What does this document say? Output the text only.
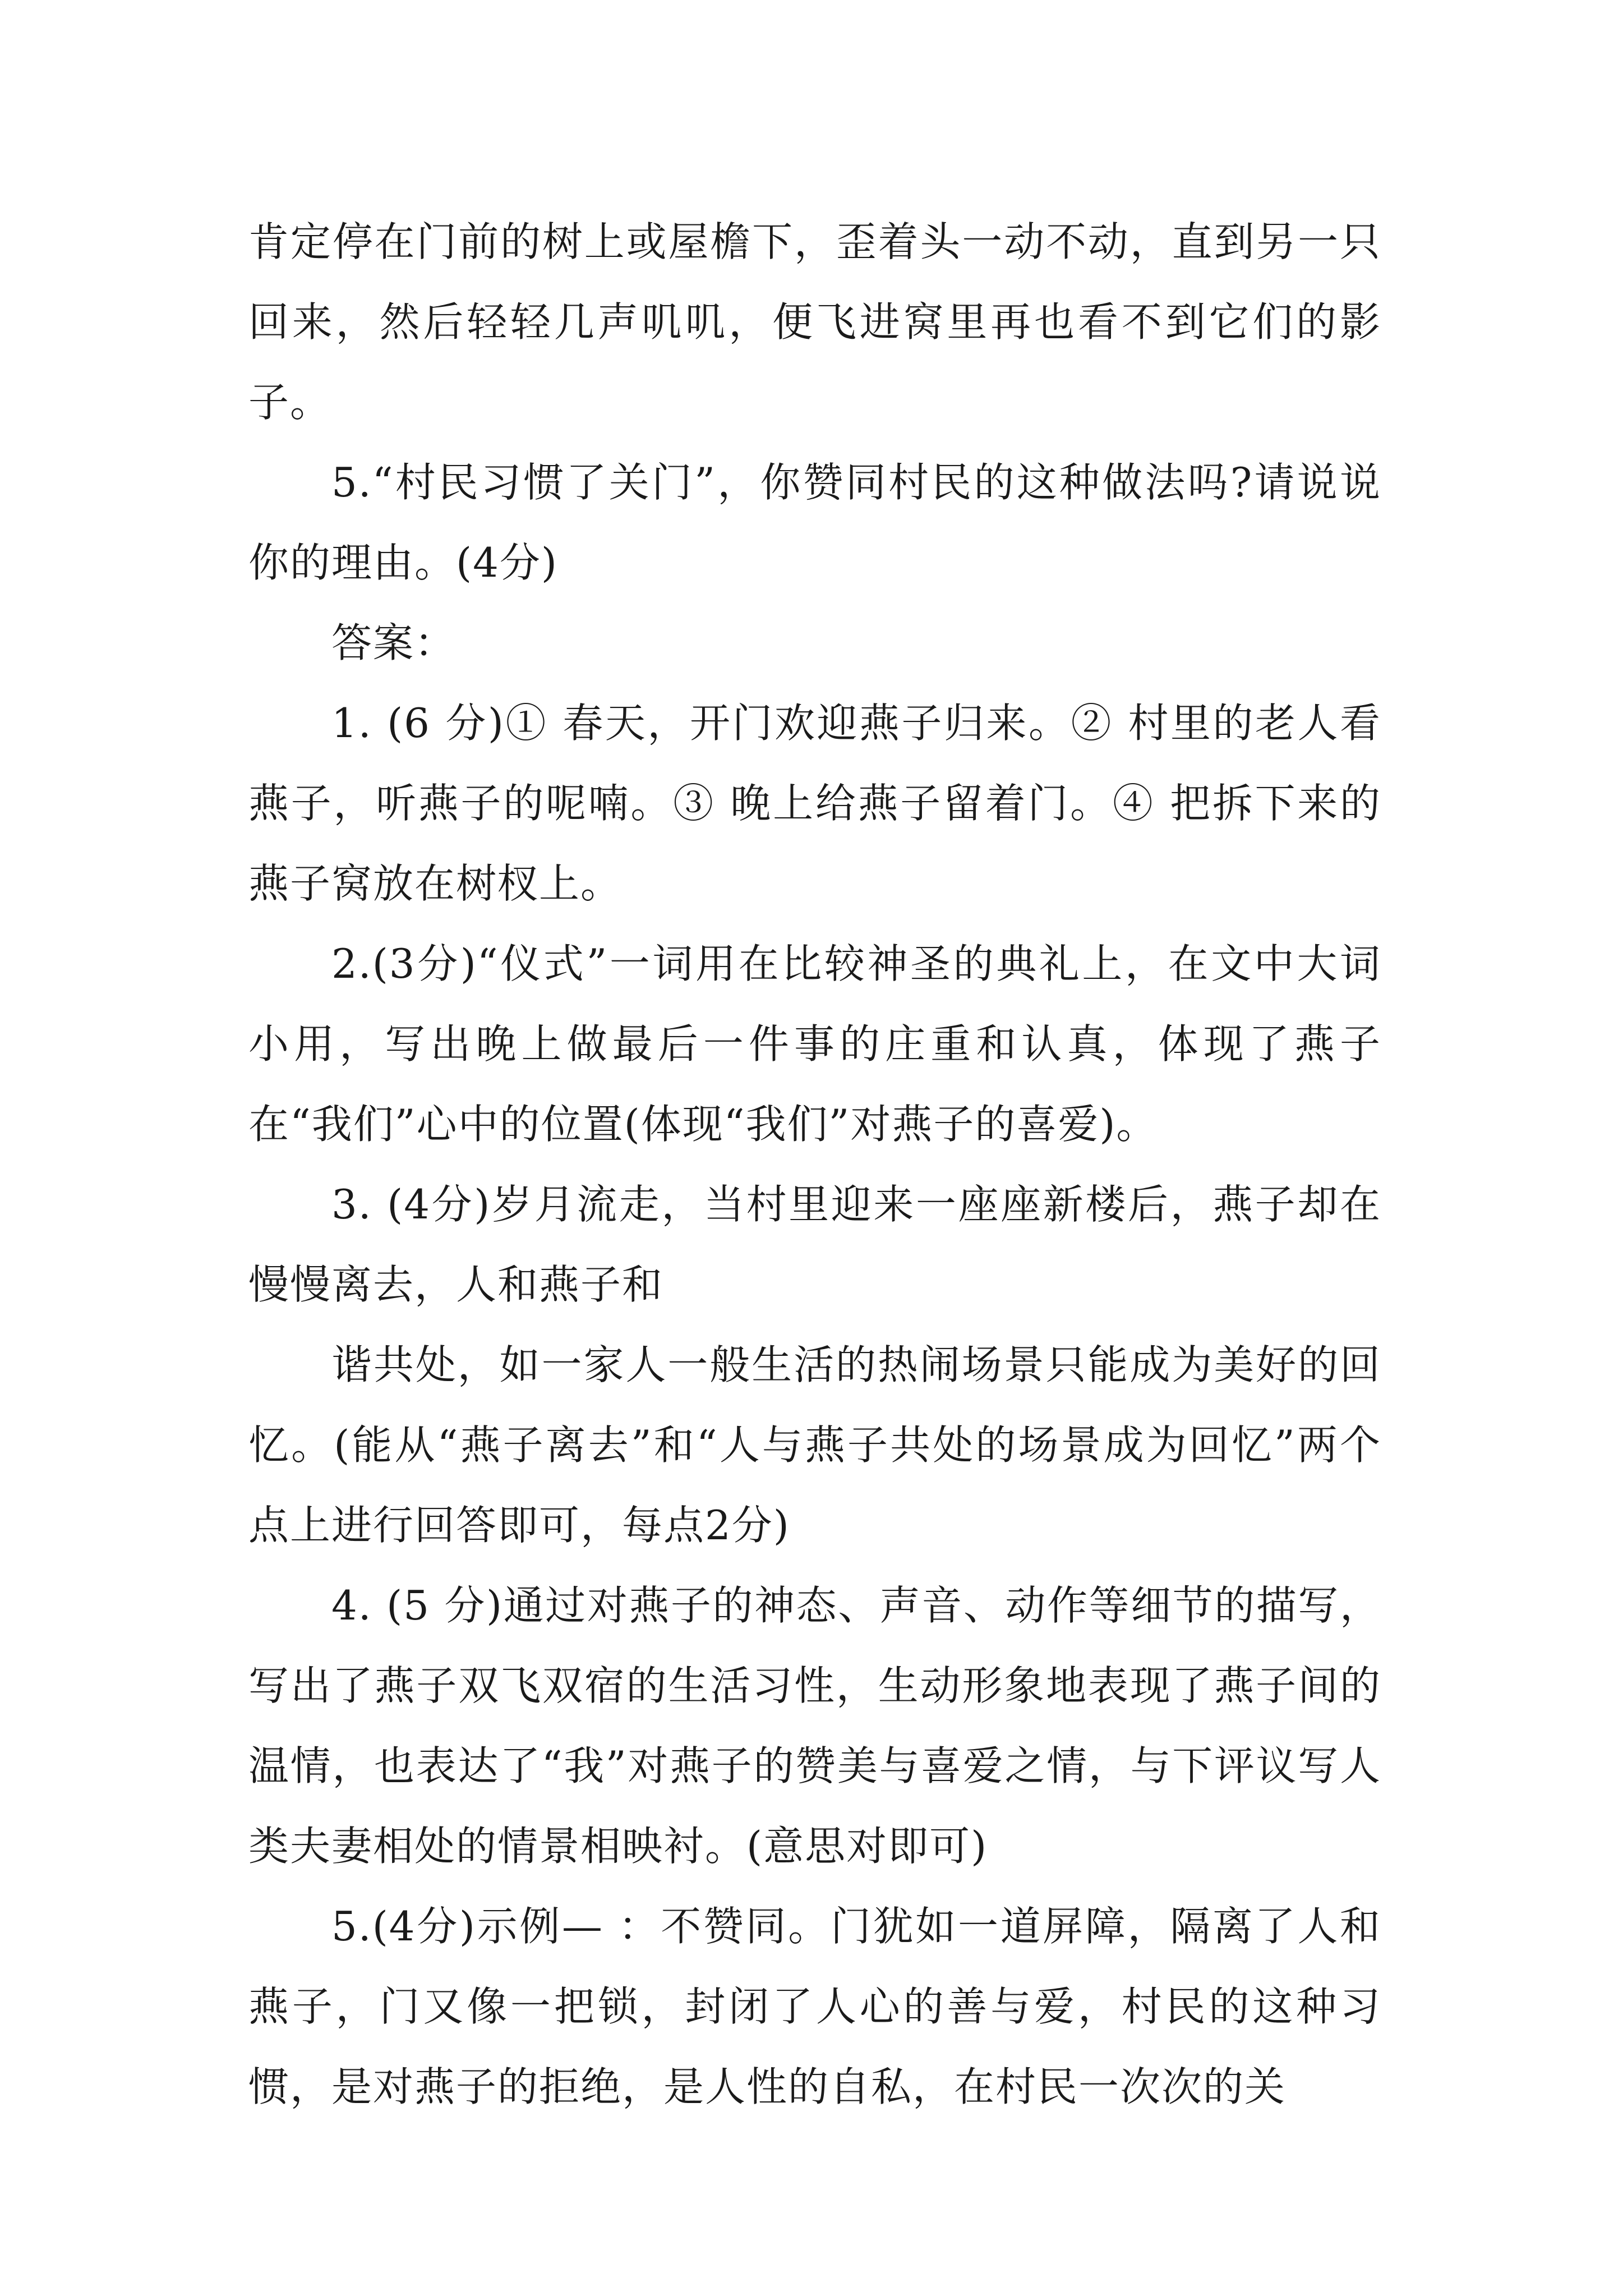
肯定停在门前的树上或屋檐下，歪着头一动不动，直到另一只回来，然后轻轻几声叽叽，便飞进窝里再也看不到它们的影子。

5.“村民习惯了关门”，你赞同村民的这种做法吗?请说说你的理由。(4分)

答案：

1. (6 分)① 春天，开门欢迎燕子归来。② 村里的老人看燕子，听燕子的呢喃。③ 晚上给燕子留着门。④ 把拆下来的燕子窝放在树杈上。

2.(3分)“仪式”一词用在比较神圣的典礼上，在文中大词小用，写出晚上做最后一件事的庄重和认真，体现了燕子在“我们”心中的位置(体现“我们”对燕子的喜爱)。

3. (4分)岁月流走，当村里迎来一座座新楼后，燕子却在慢慢离去，人和燕子和

谐共处，如一家人一般生活的热闹场景只能成为美好的回忆。(能从“燕子离去”和“人与燕子共处的场景成为回忆”两个点上进行回答即可，每点2分)

4. (5 分)通过对燕子的神态、声音、动作等细节的描写，写出了燕子双飞双宿的生活习性，生动形象地表现了燕子间的温情，也表达了“我”对燕子的赞美与喜爱之情，与下评议写人类夫妻相处的情景相映衬。(意思对即可)

5.(4分)示例— ：不赞同。门犹如一道屏障，隔离了人和燕子，门又像一把锁，封闭了人心的善与爱，村民的这种习惯，是对燕子的拒绝，是人性的自私，在村民一次次的关
